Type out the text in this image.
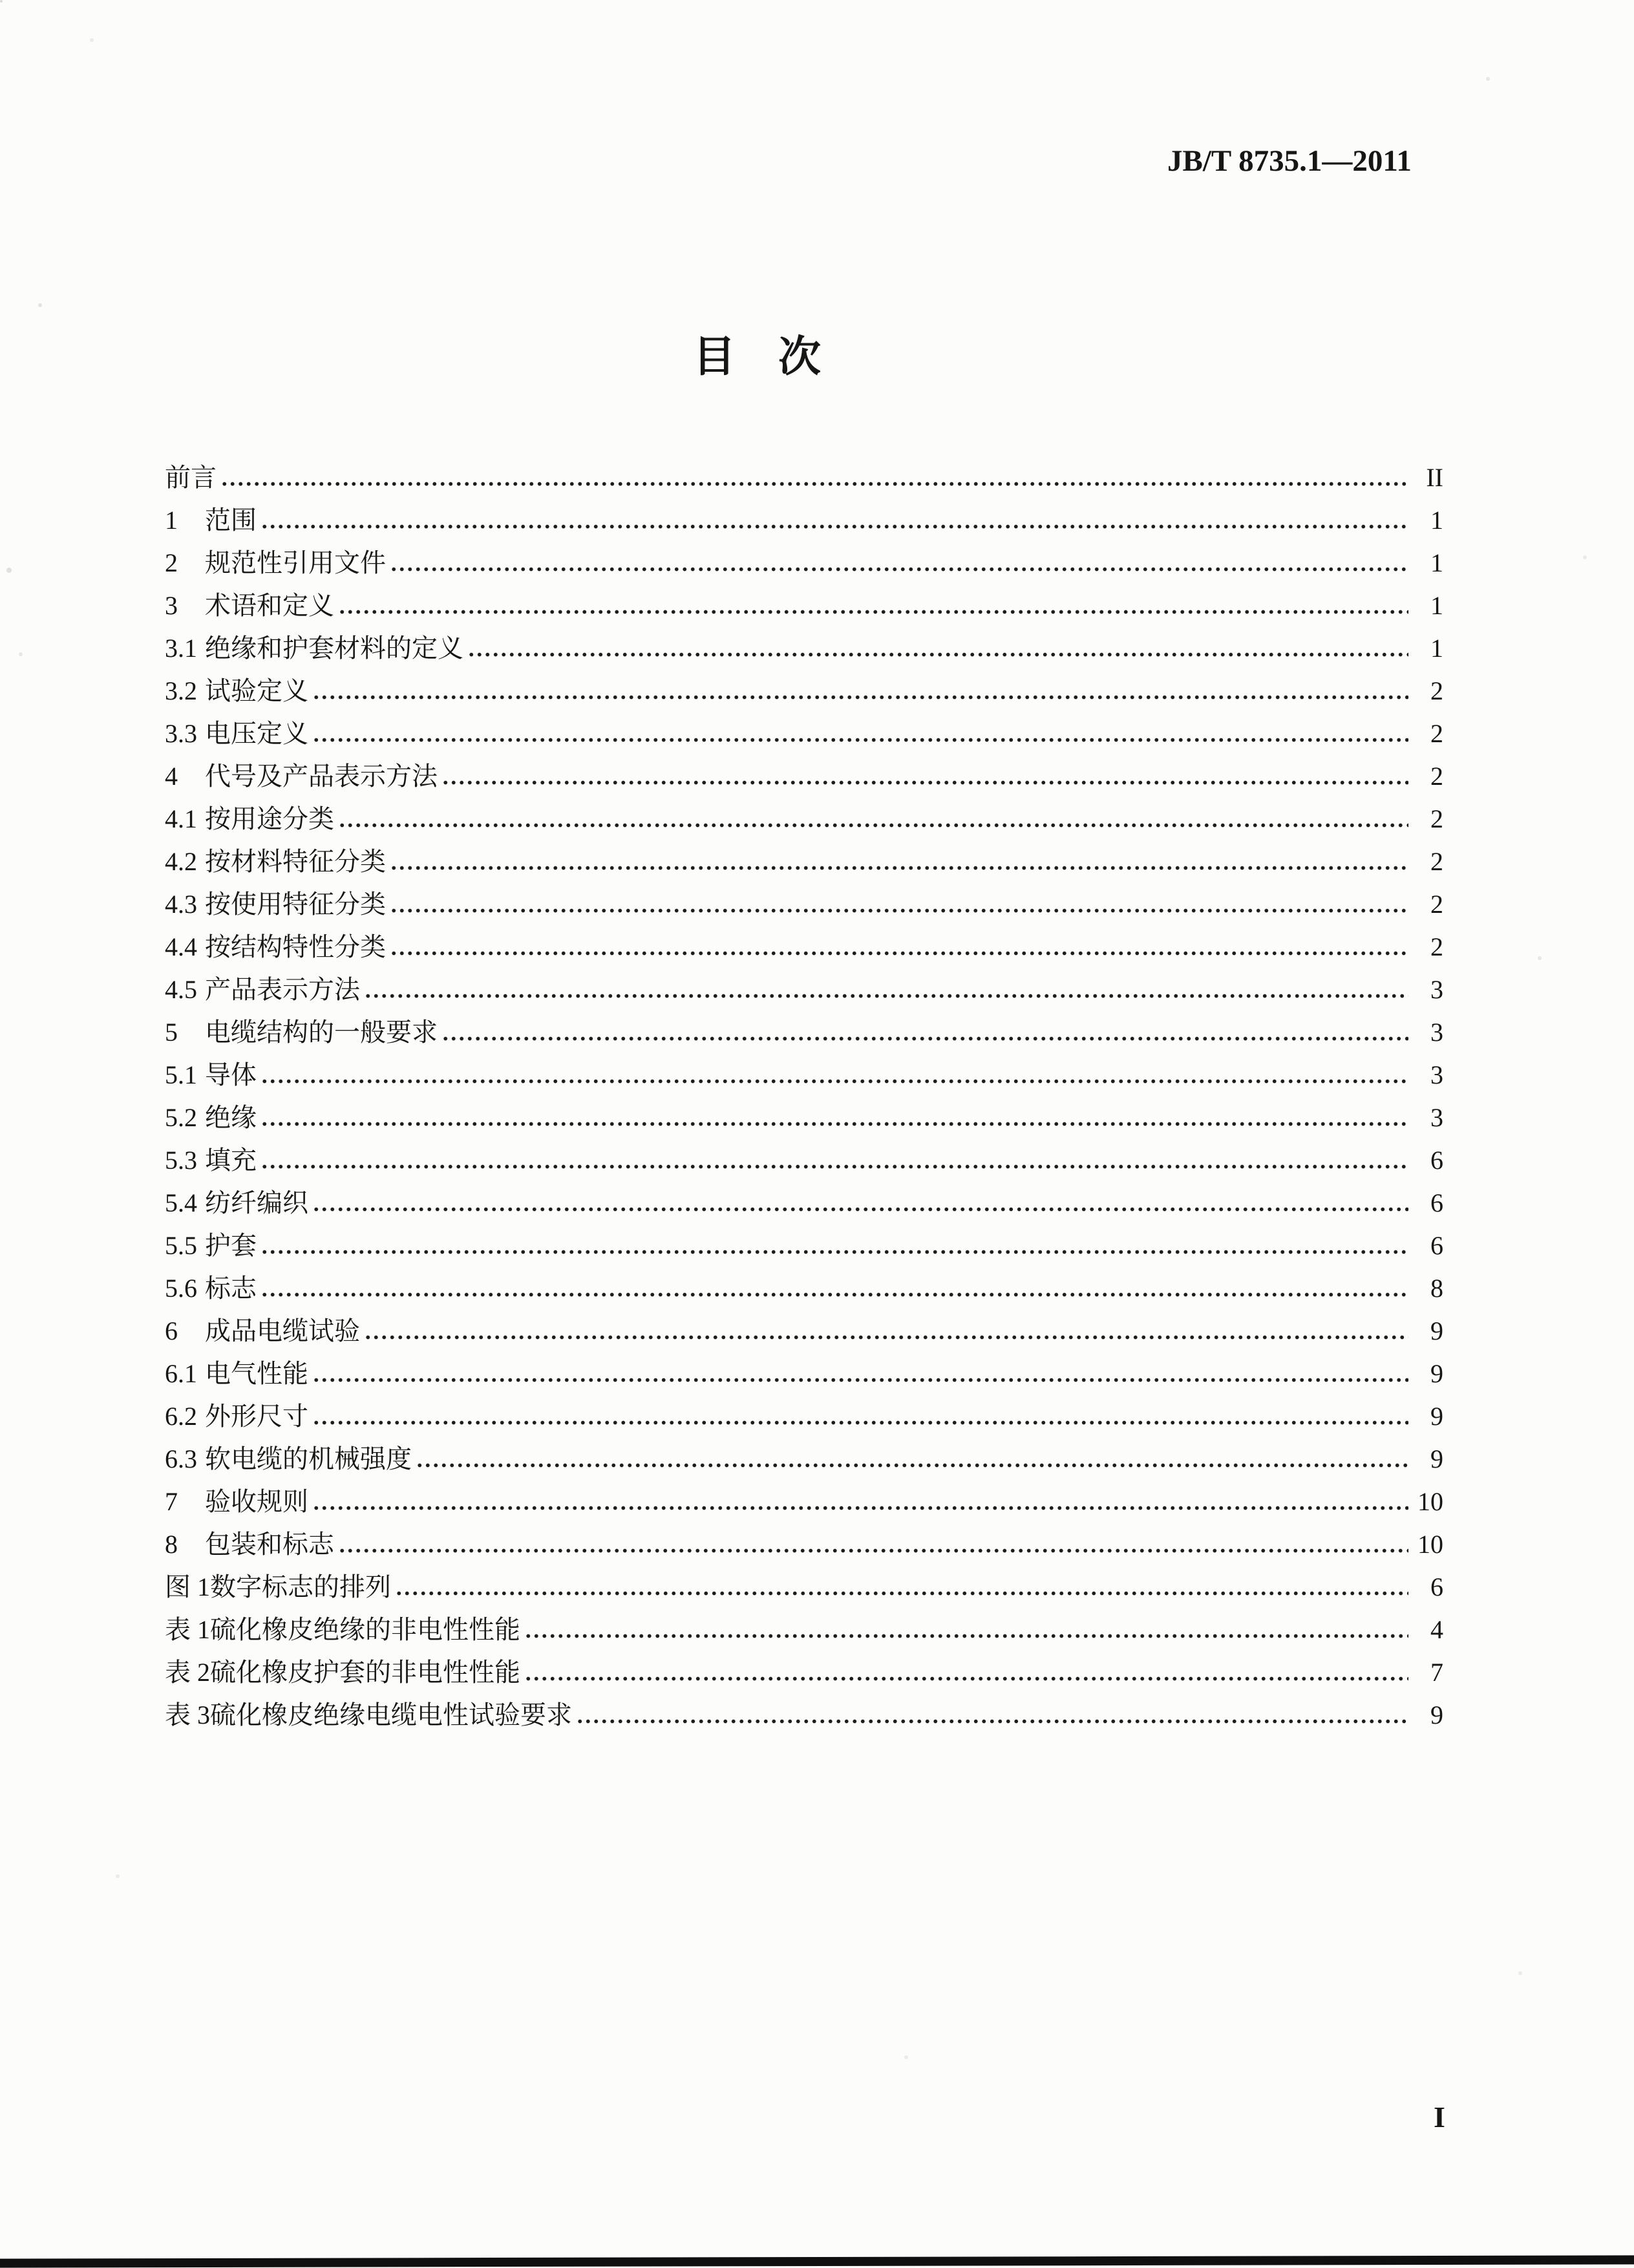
JB/T 8735.1—2011
目　次
前言	II
1	范围	1
2	规范性引用文件	1
3	术语和定义	1
3.1 绝缘和护套材料的定义	1
3.2 试验定义	2
3.3 电压定义	2
4	代号及产品表示方法	2
4.1 按用途分类	2
4.2 按材料特征分类	2
4.3 按使用特征分类	2
4.4 按结构特性分类	2
4.5 产品表示方法	3
5	电缆结构的一般要求	3
5.1 导体	3
5.2 绝缘	3
5.3 填充	6
5.4 纺纤编织	6
5.5 护套	6
5.6 标志	8
6	成品电缆试验	9
6.1 电气性能	9
6.2 外形尺寸	9
6.3 软电缆的机械强度	9
7	验收规则	10
8	包装和标志	10
图 1 数字标志的排列	6
表 1 硫化橡皮绝缘的非电性性能	4
表 2 硫化橡皮护套的非电性性能	7
表 3 硫化橡皮绝缘电缆电性试验要求	9
I
